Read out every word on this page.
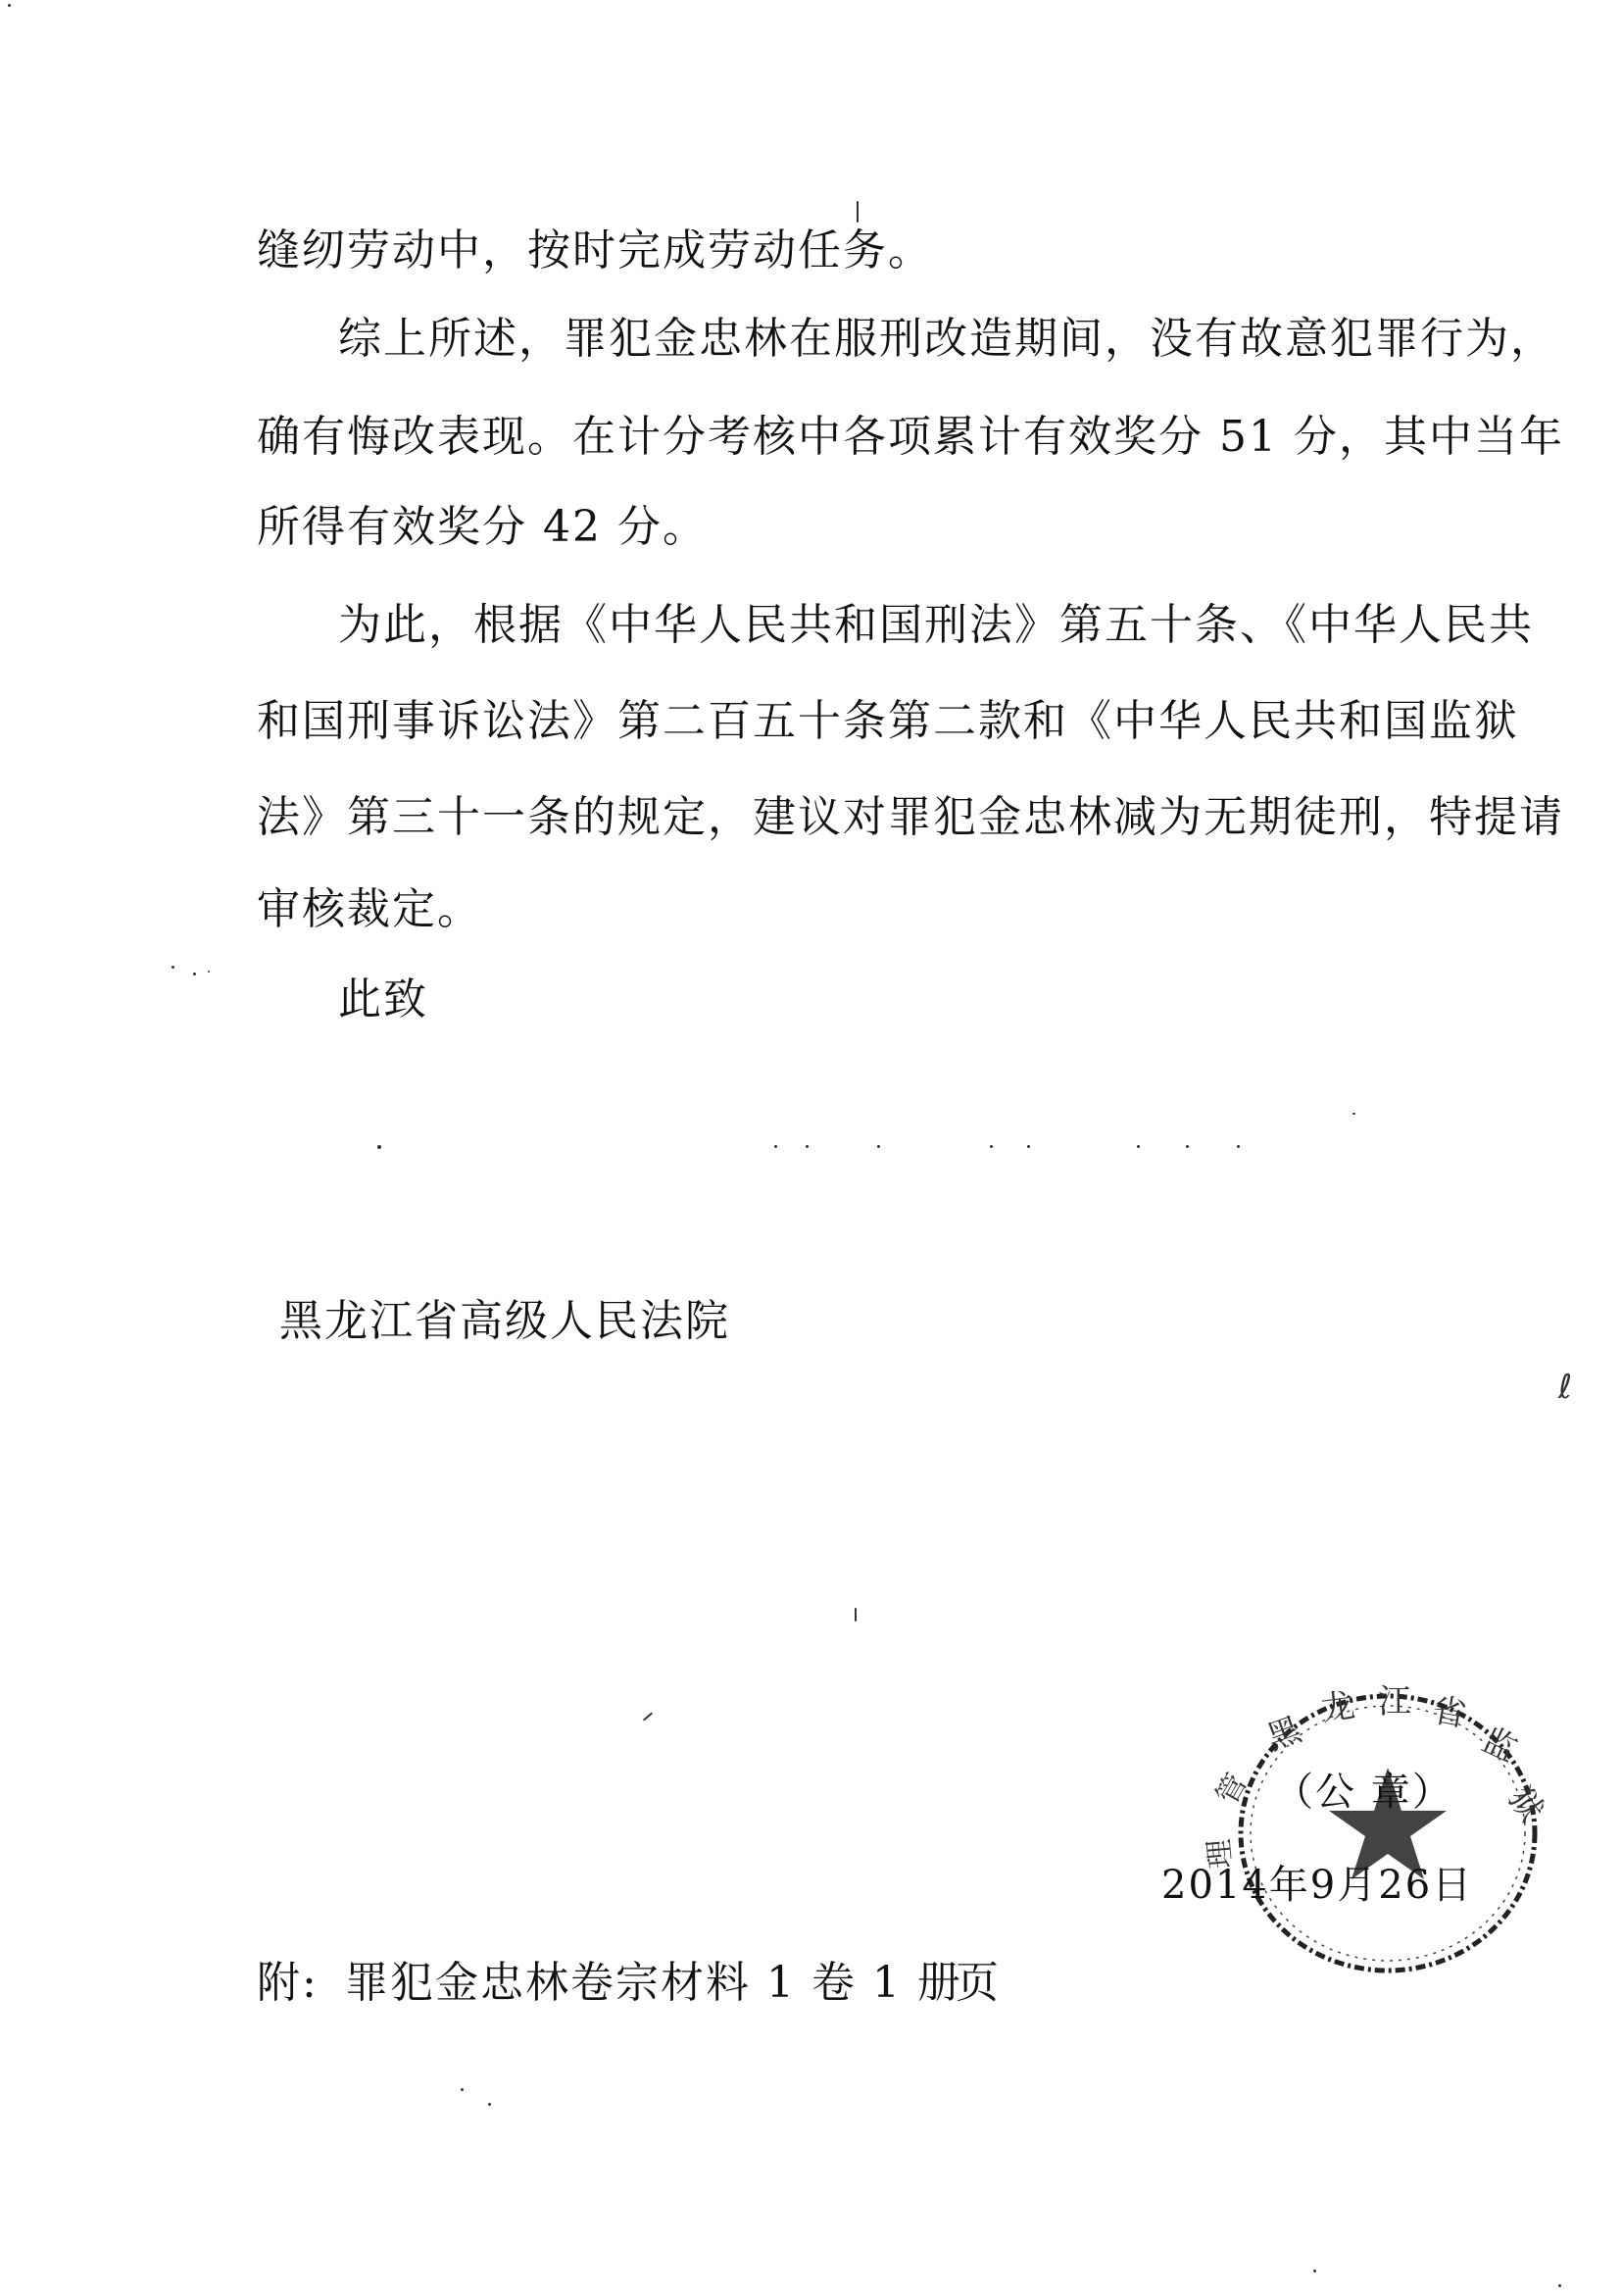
缝纫劳动中，按时完成劳动任务。
综上所述，罪犯金忠林在服刑改造期间，没有故意犯罪行为，
确有悔改表现。在计分考核中各项累计有效奖分 51 分，其中当年
所得有效奖分 42 分。
为此，根据《中华人民共和国刑法》第五十条、《中华人民共
和国刑事诉讼法》第二百五十条第二款和《中华人民共和国监狱
法》第三十一条的规定，建议对罪犯金忠林减为无期徒刑，特提请
审核裁定。
此致
黑龙江省高级人民法院
附: 罪犯金忠林卷宗材料 1 卷 1 册
页
黑
龙 江 省
监
狱
管
理
（公 章）
2014年9月26日
ℓ
